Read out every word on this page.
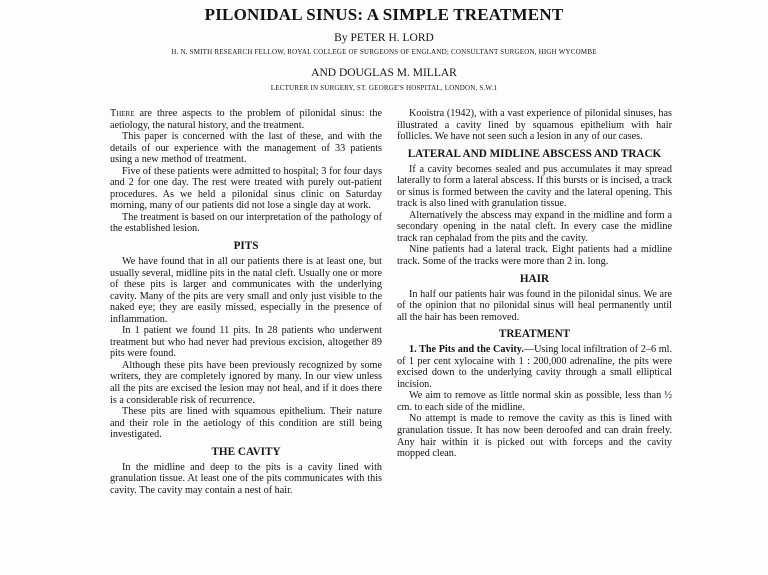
PILONIDAL SINUS: A SIMPLE TREATMENT
By PETER H. LORD
H. N. SMITH RESEARCH FELLOW, ROYAL COLLEGE OF SURGEONS OF ENGLAND; CONSULTANT SURGEON, HIGH WYCOMBE
AND DOUGLAS M. MILLAR
LECTURER IN SURGERY, ST. GEORGE'S HOSPITAL, LONDON, S.W.1

There are three aspects to the problem of pilonidal sinus: the aetiology, the natural history, and the treatment.

This paper is concerned with the last of these, and with the details of our experience with the management of 33 patients using a new method of treatment.

Five of these patients were admitted to hospital; 3 for four days and 2 for one day. The rest were treated with purely out-patient procedures. As we held a pilonidal sinus clinic on Saturday morning, many of our patients did not lose a single day at work.

The treatment is based on our interpretation of the pathology of the established lesion.

PITS

We have found that in all our patients there is at least one, but usually several, midline pits in the natal cleft. Usually one or more of these pits is larger and communicates with the underlying cavity. Many of the pits are very small and only just visible to the naked eye; they are easily missed, especially in the presence of inflammation.

In 1 patient we found 11 pits. In 28 patients who underwent treatment but who had never had previous excision, altogether 89 pits were found.

Although these pits have been previously recognized by some writers, they are completely ignored by many. In our view unless all the pits are excised the lesion may not heal, and if it does there is a considerable risk of recurrence.

These pits are lined with squamous epithelium. Their nature and their role in the aetiology of this condition are still being investigated.

THE CAVITY

In the midline and deep to the pits is a cavity lined with granulation tissue. At least one of the pits communicates with this cavity. The cavity may contain a nest of hair.

Kooistra (1942), with a vast experience of pilonidal sinuses, has illustrated a cavity lined by squamous epithelium with hair follicles. We have not seen such a lesion in any of our cases.

LATERAL AND MIDLINE ABSCESS AND TRACK

If a cavity becomes sealed and pus accumulates it may spread laterally to form a lateral abscess. If this bursts or is incised, a track or sinus is formed between the cavity and the lateral opening. This track is also lined with granulation tissue.

Alternatively the abscess may expand in the midline and form a secondary opening in the natal cleft. In every case the midline track ran cephalad from the pits and the cavity.

Nine patients had a lateral track. Eight patients had a midline track. Some of the tracks were more than 2 in. long.

HAIR

In half our patients hair was found in the pilonidal sinus. We are of the opinion that no pilonidal sinus will heal permanently until all the hair has been removed.

TREATMENT

1. The Pits and the Cavity.—Using local infiltration of 2–6 ml. of 1 per cent xylocaine with 1 : 200,000 adrenaline, the pits were excised down to the underlying cavity through a small elliptical incision.

We aim to remove as little normal skin as possible, less than ½ cm. to each side of the midline.

No attempt is made to remove the cavity as this is lined with granulation tissue. It has now been deroofed and can drain freely. Any hair within it is picked out with forceps and the cavity mopped clean.
